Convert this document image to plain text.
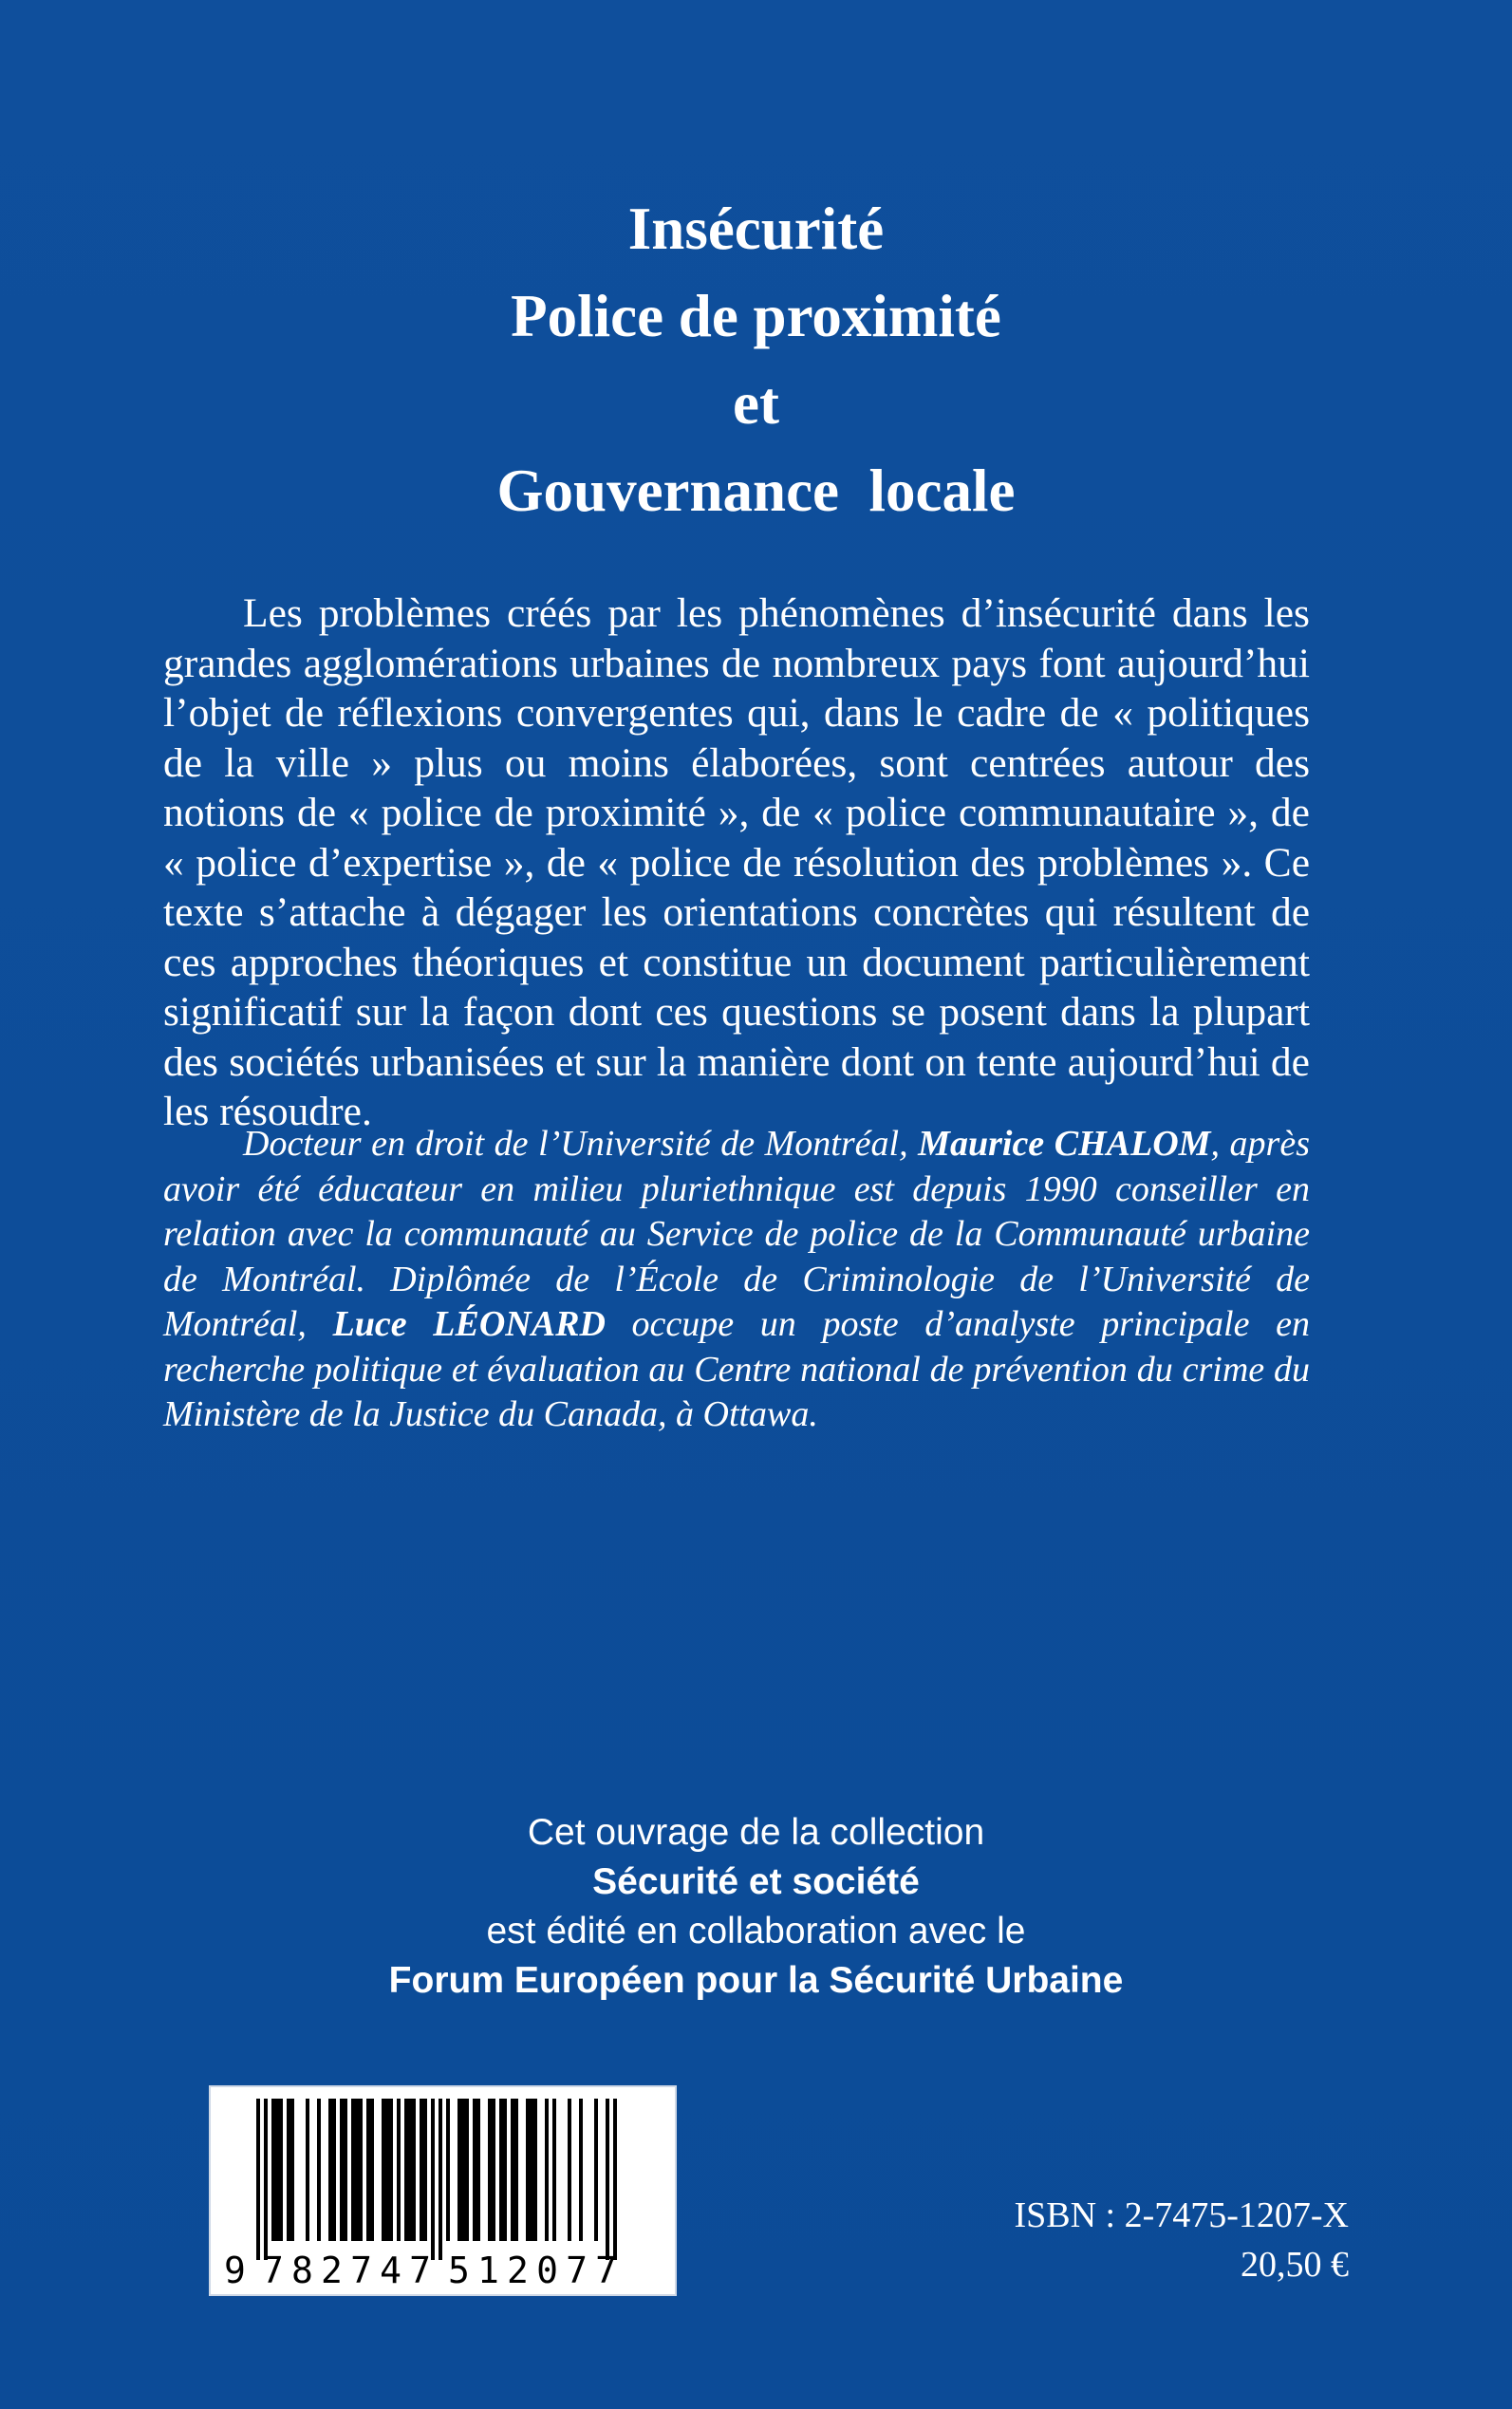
Insécurité
Police de proximité
et
Gouvernance  locale

Les problèmes créés par les phénomènes d’insécurité dans les grandes agglomérations urbaines de nombreux pays font aujourd’hui l’objet de réflexions convergentes qui, dans le cadre de « politiques de la ville » plus ou moins élaborées, sont centrées autour des notions de « police de proximité », de « police communautaire », de « police d’expertise », de « police de résolution des problèmes ». Ce texte s’attache à dégager les orientations concrètes qui résultent de ces approches théoriques et constitue un document particulièrement significatif sur la façon dont ces questions se posent dans la plupart des sociétés urbanisées et sur la manière dont on tente aujourd’hui de les résoudre.

Docteur en droit de l’Université de Montréal, Maurice CHALOM, après avoir été éducateur en milieu pluriethnique est depuis 1990 conseiller en relation avec la communauté au Service de police de la Communauté urbaine de Montréal. Diplômée de l’École de Criminologie de l’Université de Montréal, Luce LÉONARD occupe un poste d’analyste principale en recherche politique et évaluation au Centre national de prévention du crime du Ministère de la Justice du Canada, à Ottawa.

Cet ouvrage de la collection
Sécurité et société
est édité en collaboration avec le
Forum Européen pour la Sécurité Urbaine
9 782747 512077
ISBN : 2-7475-1207-X
20,50 €
